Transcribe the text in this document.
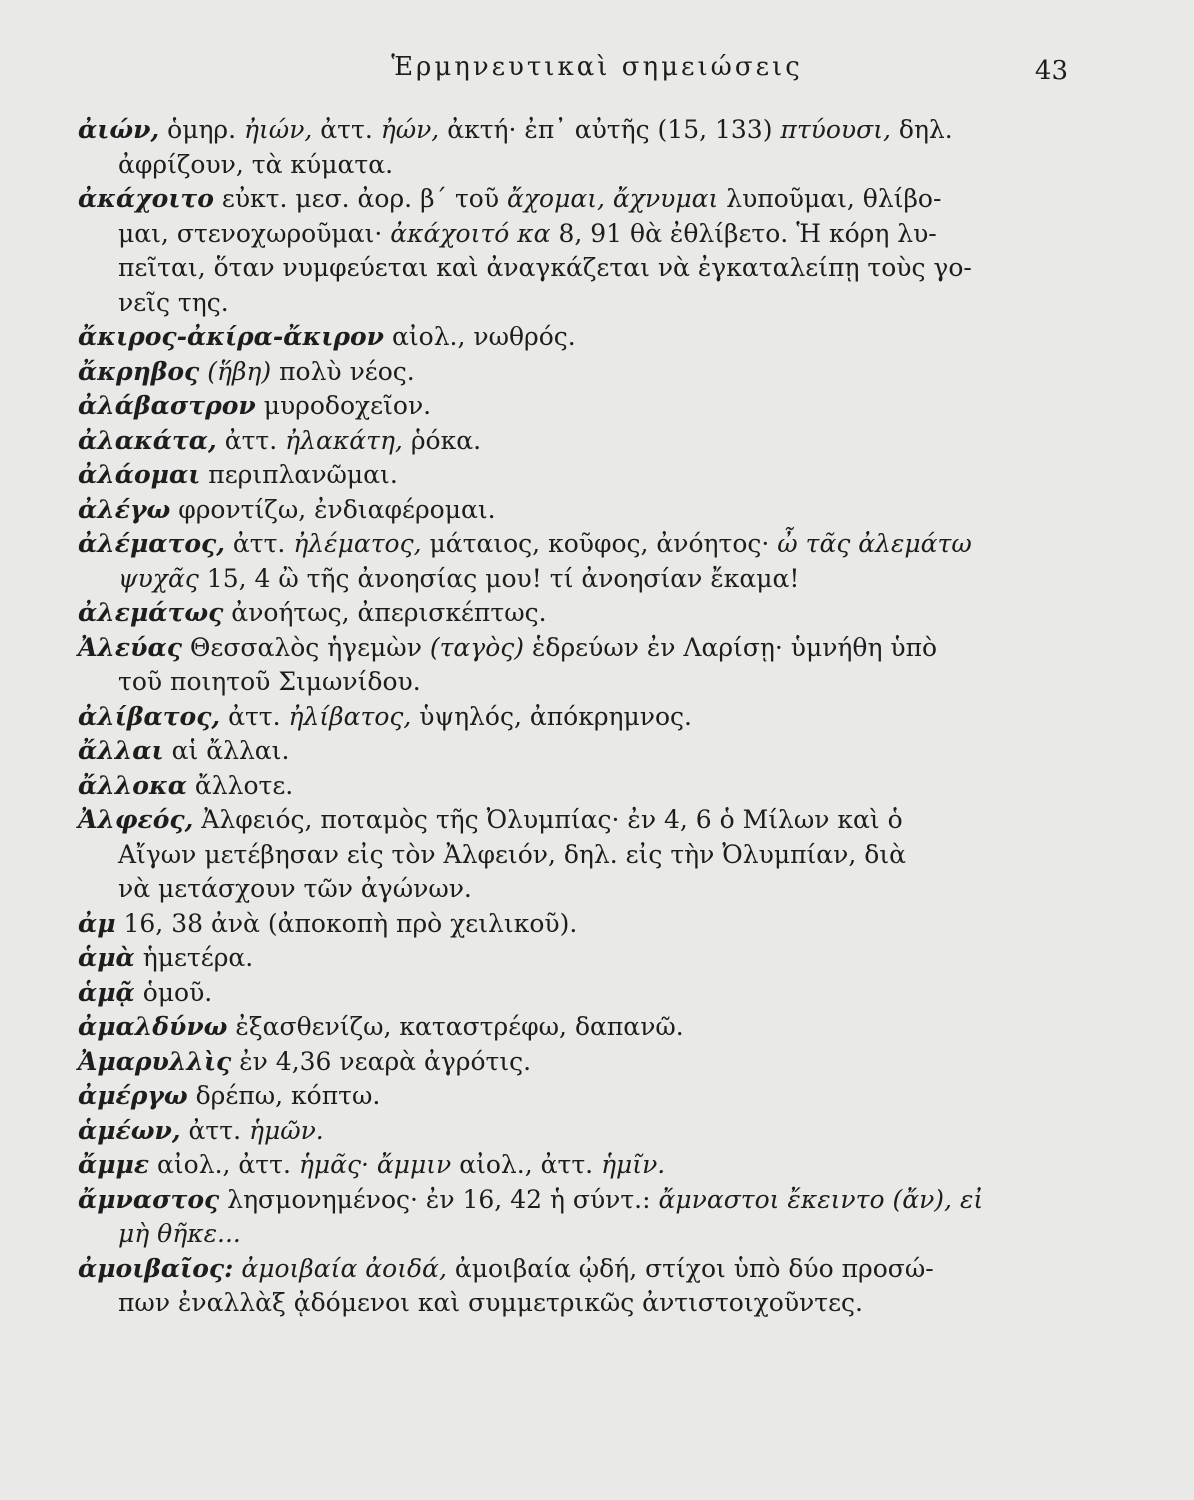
Ἑρμηνευτικαὶ σημειώσεις	43

ἀιών, ὁμηρ. ἠιών, ἀττ. ἠών, ἀκτή· ἐπ᾽ αὐτῆς (15, 133) πτύουσι, δηλ.
ἀφρίζουν, τὰ κύματα.

ἀκάχοιτο εὐκτ. μεσ. ἀορ. β΄ τοῦ ἄχομαι, ἄχνυμαι λυποῦμαι, θλίβο-
μαι, στενοχωροῦμαι· ἀκάχοιτό κα 8, 91 θὰ ἐθλίβετο. Ἡ κόρη λυ-
πεῖται, ὅταν νυμφεύεται καὶ ἀναγκάζεται νὰ ἐγκαταλείπῃ τοὺς γο-
νεῖς της.

ἄκιρος-ἀκίρα-ἄκιρον αἰολ., νωθρός.

ἄκρηβος (ἥβη) πολὺ νέος.

ἀλάβαστρον μυροδοχεῖον.

ἀλακάτα, ἀττ. ἠλακάτη, ῥόκα.

ἀλάομαι περιπλανῶμαι.

ἀλέγω φροντίζω, ἐνδιαφέρομαι.

ἀλέματος, ἀττ. ἠλέματος, μάταιος, κοῦφος, ἀνόητος· ὦ τᾶς ἀλεμάτω
ψυχᾶς 15, 4 ὢ τῆς ἀνοησίας μου! τί ἀνοησίαν ἔκαμα!

ἀλεμάτως ἀνοήτως, ἀπερισκέπτως.

Ἀλεύας Θεσσαλὸς ἡγεμὼν (ταγὸς) ἑδρεύων ἐν Λαρίσῃ· ὑμνήθη ὑπὸ
τοῦ ποιητοῦ Σιμωνίδου.

ἀλίβατος, ἀττ. ἠλίβατος, ὑψηλός, ἀπόκρημνος.

ἄλλαι αἱ ἄλλαι.

ἄλλοκα ἄλλοτε.

Ἀλφεός, Ἀλφειός, ποταμὸς τῆς Ὀλυμπίας· ἐν 4, 6 ὁ Μίλων καὶ ὁ
Αἴγων μετέβησαν εἰς τὸν Ἀλφειόν, δηλ. εἰς τὴν Ὀλυμπίαν, διὰ
νὰ μετάσχουν τῶν ἀγώνων.

ἀμ 16, 38 ἀνὰ (ἀποκοπὴ πρὸ χειλικοῦ).

ἁμὰ ἡμετέρα.

ἁμᾷ ὁμοῦ.

ἀμαλδύνω ἐξασθενίζω, καταστρέφω, δαπανῶ.

Ἀμαρυλλὶς ἐν 4,36 νεαρὰ ἀγρότις.

ἀμέργω δρέπω, κόπτω.

ἁμέων, ἀττ. ἡμῶν.

ἄμμε αἰολ., ἀττ. ἡμᾶς· ἄμμιν αἰολ., ἀττ. ἡμῖν.

ἄμναστος λησμονημένος· ἐν 16, 42 ἡ σύντ.: ἄμναστοι ἔκειντο (ἄν), εἰ
μὴ θῆκε...

ἀμοιβαῖος: ἀμοιβαία ἀοιδά, ἀμοιβαία ᾠδή, στίχοι ὑπὸ δύο προσώ-
πων ἐναλλὰξ ᾀδόμενοι καὶ συμμετρικῶς ἀντιστοιχοῦντες.
